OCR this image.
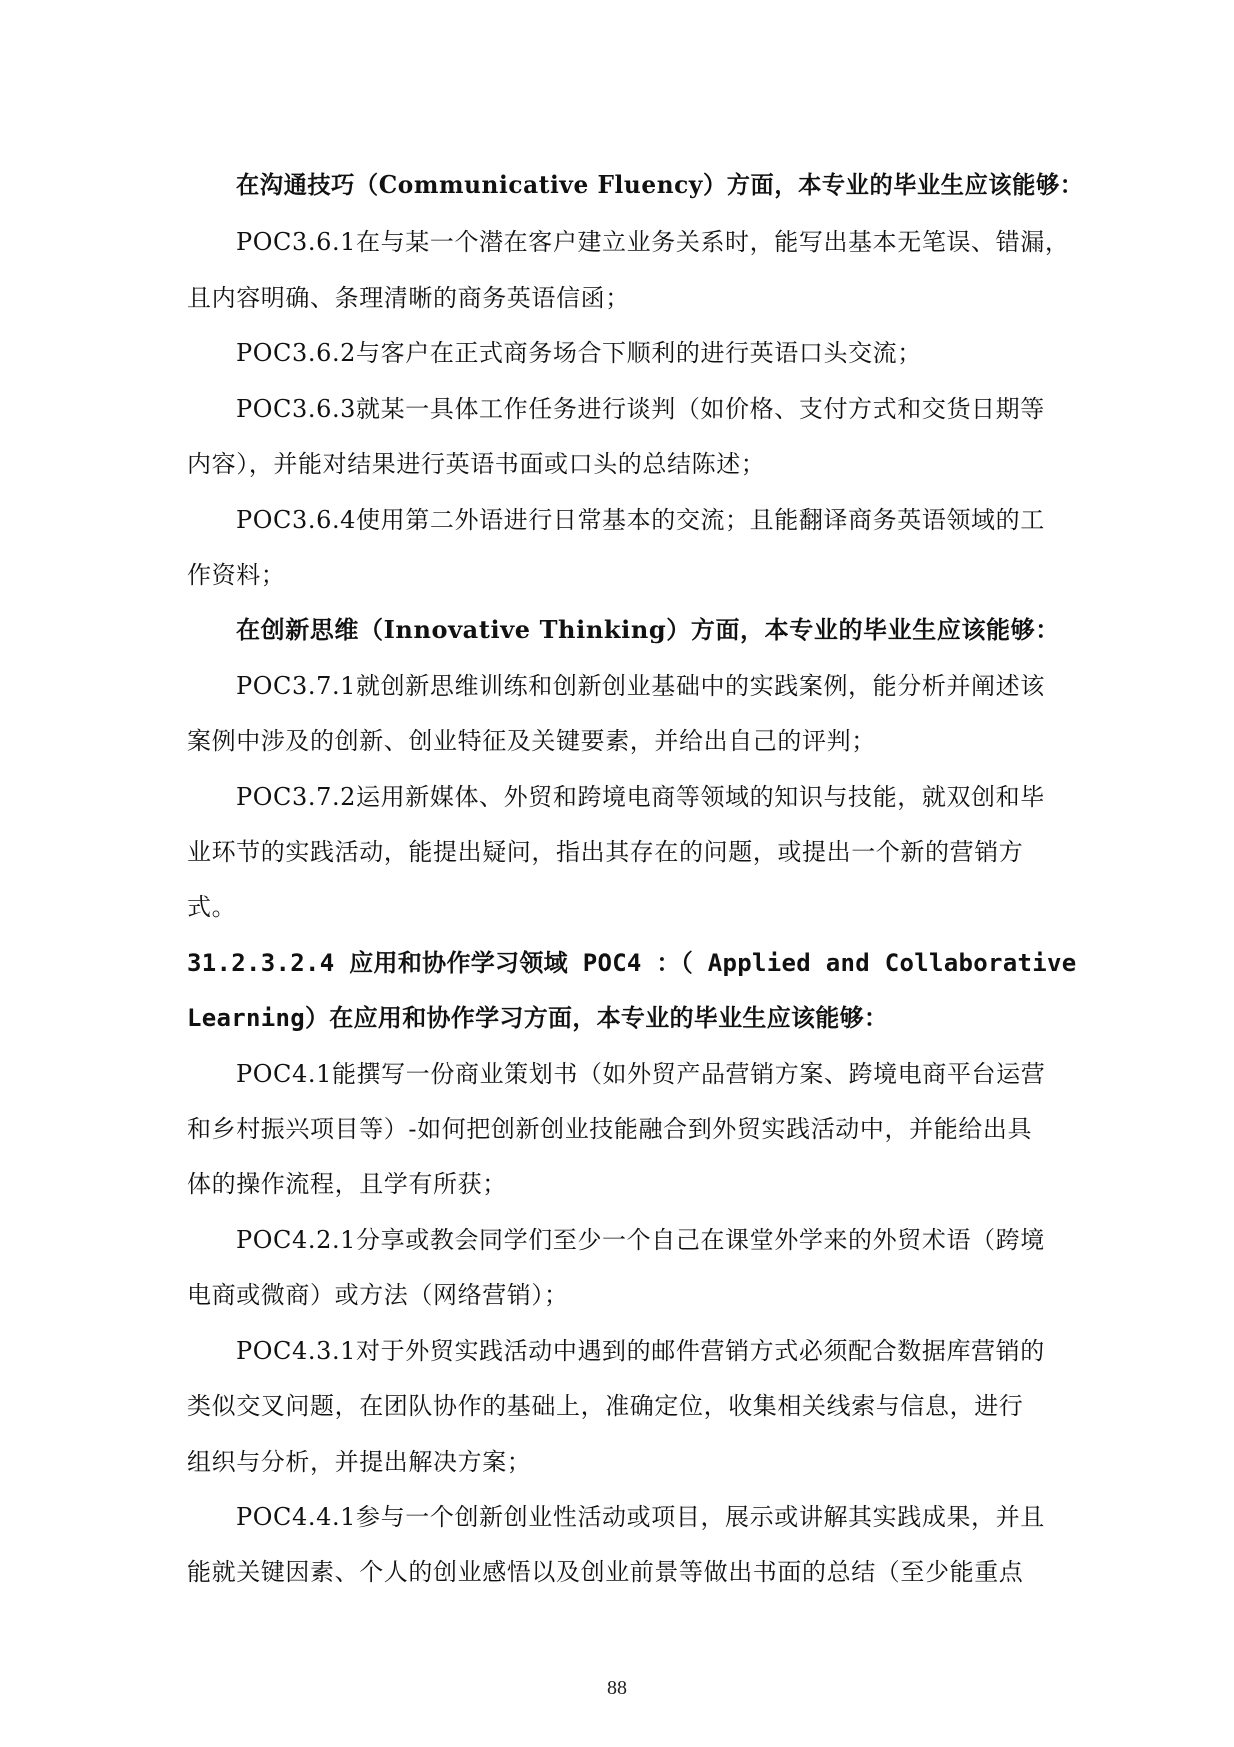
在沟通技巧（Communicative Fluency）方面，本专业的毕业生应该能够：
POC3.6.1在与某一个潜在客户建立业务关系时，能写出基本无笔误、错漏，
且内容明确、条理清晰的商务英语信函；
POC3.6.2与客户在正式商务场合下顺利的进行英语口头交流；
POC3.6.3就某一具体工作任务进行谈判（如价格、支付方式和交货日期等
内容），并能对结果进行英语书面或口头的总结陈述；
POC3.6.4使用第二外语进行日常基本的交流；且能翻译商务英语领域的工
作资料；
在创新思维（Innovative Thinking）方面，本专业的毕业生应该能够：
POC3.7.1就创新思维训练和创新创业基础中的实践案例，能分析并阐述该
案例中涉及的创新、创业特征及关键要素，并给出自己的评判；
POC3.7.2运用新媒体、外贸和跨境电商等领域的知识与技能，就双创和毕
业环节的实践活动，能提出疑问，指出其存在的问题，或提出一个新的营销方
式。
31.2.3.2.4 应用和协作学习领域 POC4 ：（ Applied and Collaborative
Learning）在应用和协作学习方面，本专业的毕业生应该能够：
POC4.1能撰写一份商业策划书（如外贸产品营销方案、跨境电商平台运营
和乡村振兴项目等）-如何把创新创业技能融合到外贸实践活动中，并能给出具
体的操作流程，且学有所获；
POC4.2.1分享或教会同学们至少一个自己在课堂外学来的外贸术语（跨境
电商或微商）或方法（网络营销）；
POC4.3.1对于外贸实践活动中遇到的邮件营销方式必须配合数据库营销的
类似交叉问题，在团队协作的基础上，准确定位，收集相关线索与信息，进行
组织与分析，并提出解决方案；
POC4.4.1参与一个创新创业性活动或项目，展示或讲解其实践成果，并且
能就关键因素、个人的创业感悟以及创业前景等做出书面的总结（至少能重点
88
